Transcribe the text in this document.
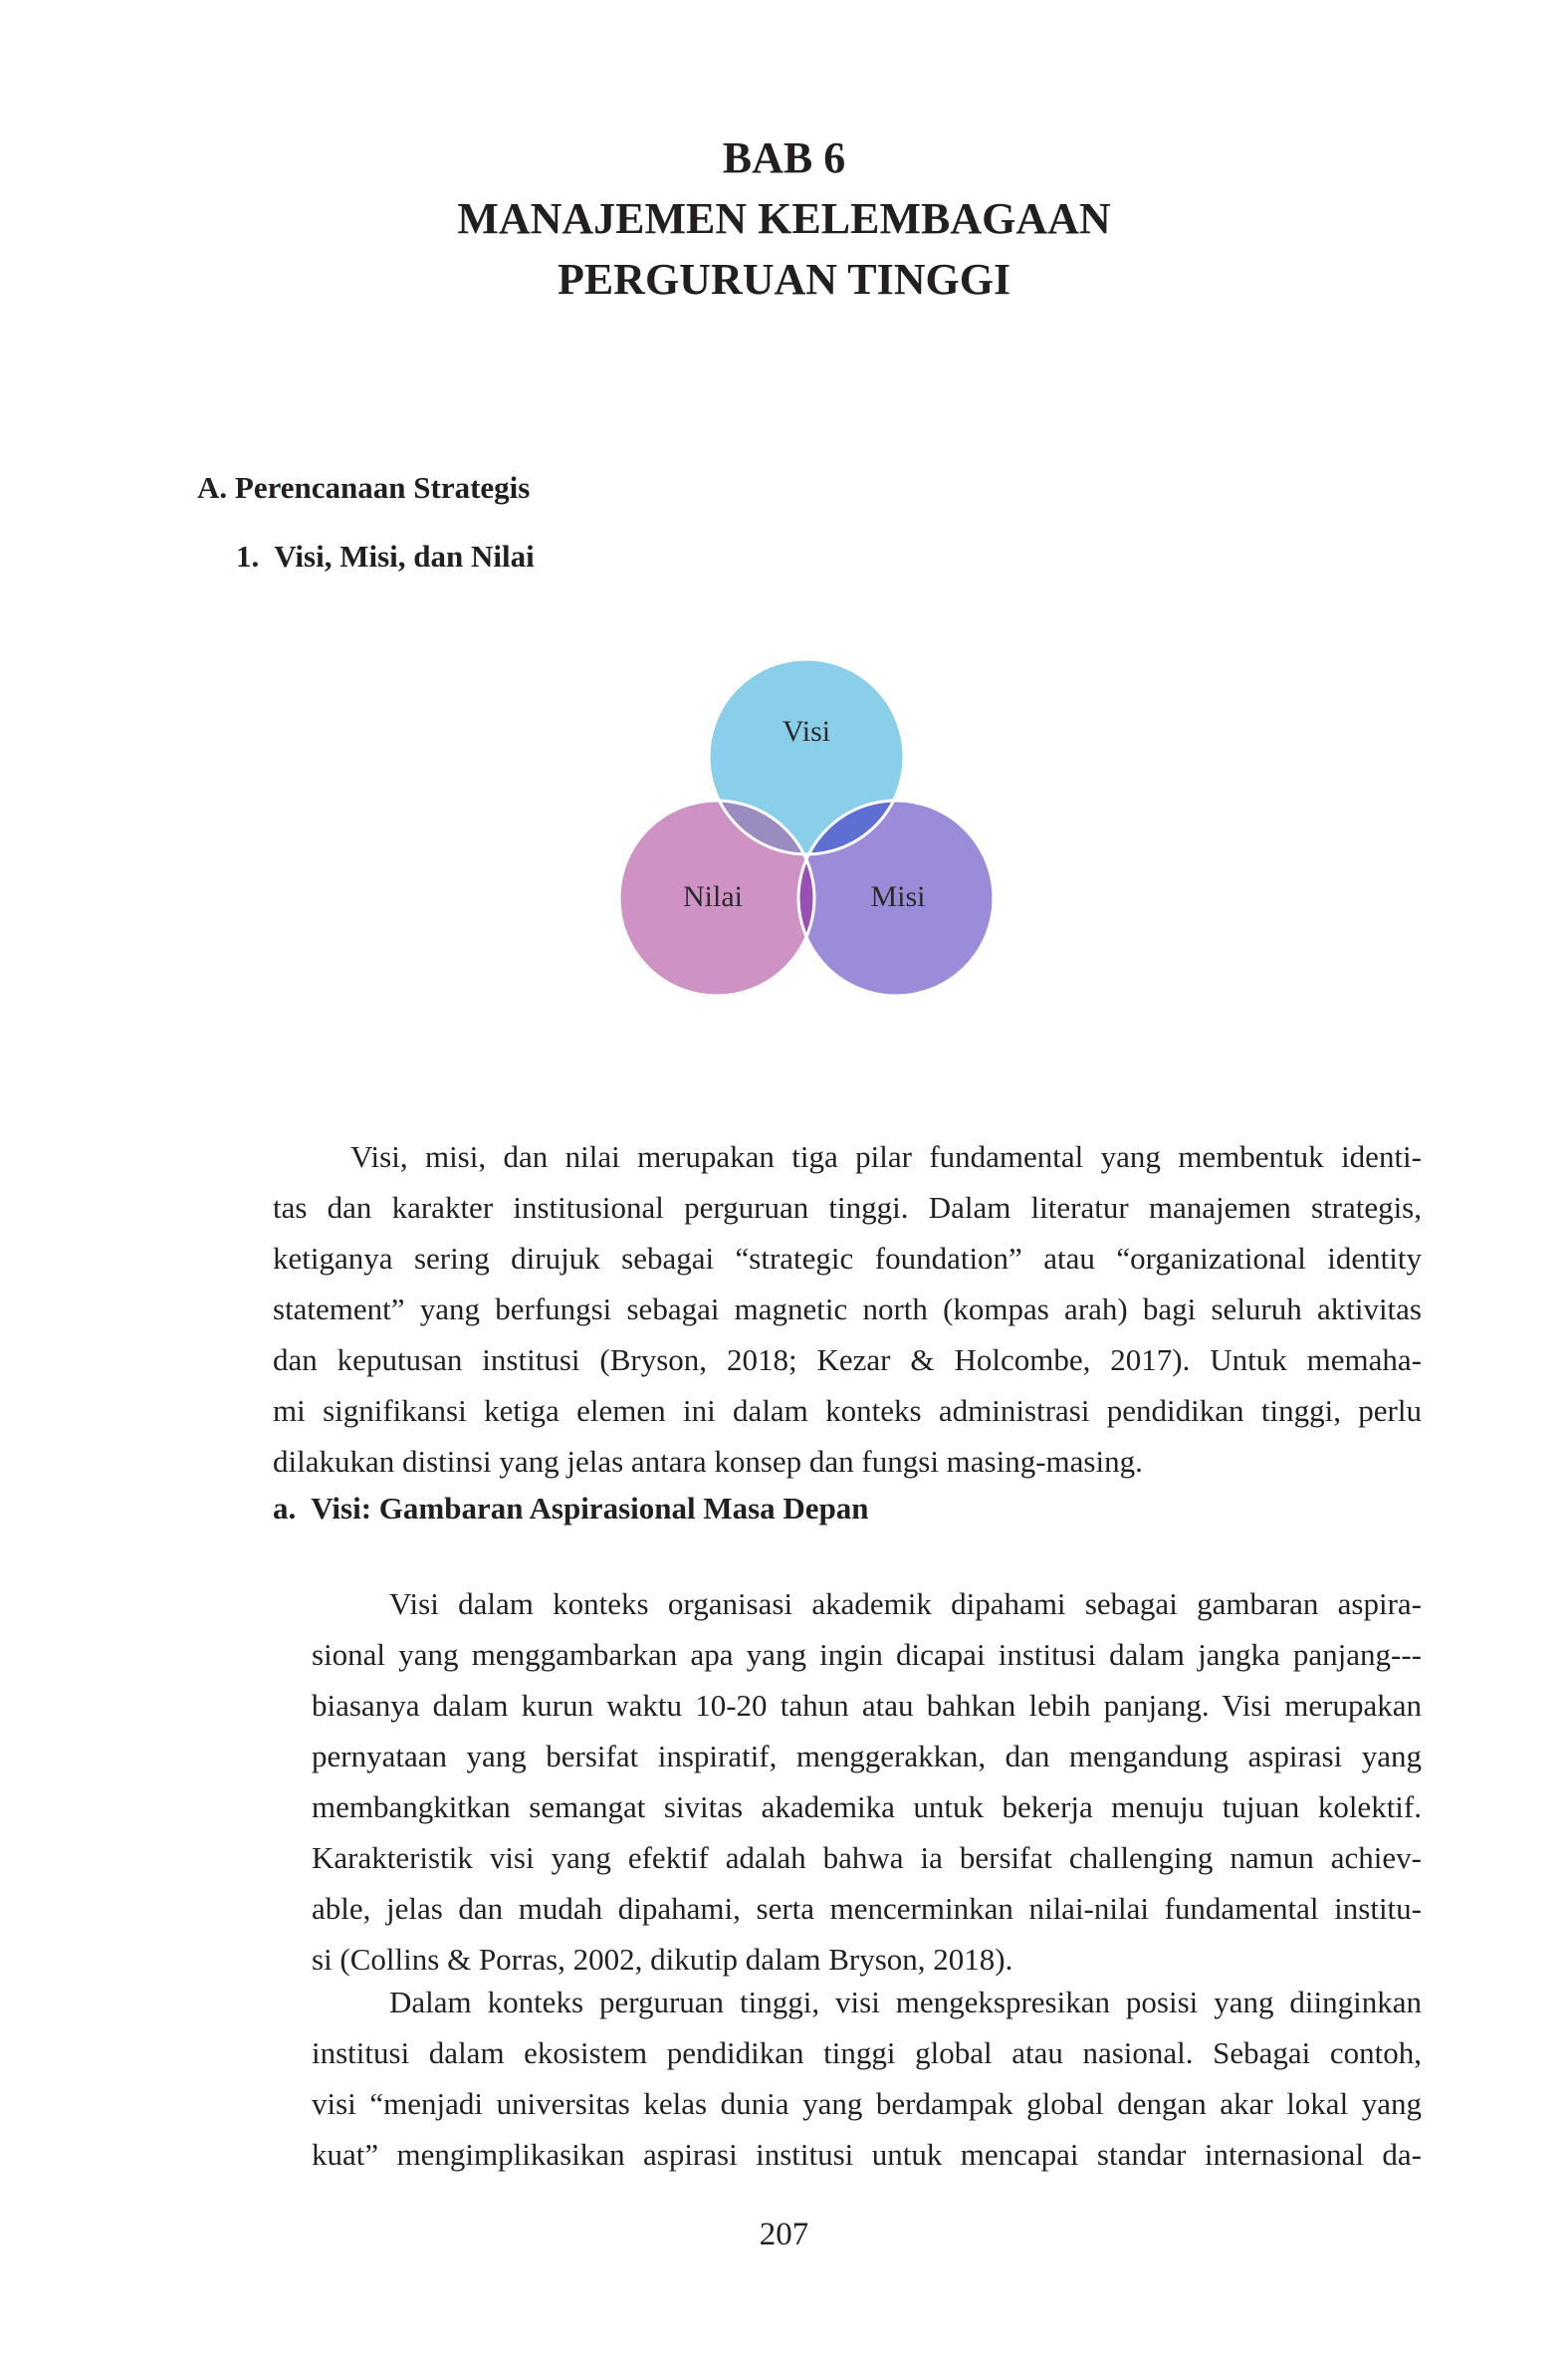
BAB 6
MANAJEMEN KELEMBAGAAN
PERGURUAN TINGGI
A. Perencanaan Strategis
1.  Visi, Misi, dan Nilai
Visi
Nilai	Misi
Visi, misi, dan nilai merupakan tiga pilar fundamental yang membentuk identi-
tas dan karakter institusional perguruan tinggi. Dalam literatur manajemen strategis,
ketiganya sering dirujuk sebagai “strategic foundation” atau “organizational identity
statement” yang berfungsi sebagai magnetic north (kompas arah) bagi seluruh aktivitas
dan keputusan institusi (Bryson, 2018; Kezar & Holcombe, 2017). Untuk memaha-
mi signifikansi ketiga elemen ini dalam konteks administrasi pendidikan tinggi, perlu
dilakukan distinsi yang jelas antara konsep dan fungsi masing-masing.
a.  Visi: Gambaran Aspirasional Masa Depan
Visi dalam konteks organisasi akademik dipahami sebagai gambaran aspira-
sional yang menggambarkan apa yang ingin dicapai institusi dalam jangka panjang---
biasanya dalam kurun waktu 10-20 tahun atau bahkan lebih panjang. Visi merupakan
pernyataan yang bersifat inspiratif, menggerakkan, dan mengandung aspirasi yang
membangkitkan semangat sivitas akademika untuk bekerja menuju tujuan kolektif.
Karakteristik visi yang efektif adalah bahwa ia bersifat challenging namun achiev-
able, jelas dan mudah dipahami, serta mencerminkan nilai-nilai fundamental institu-
si (Collins & Porras, 2002, dikutip dalam Bryson, 2018).
Dalam konteks perguruan tinggi, visi mengekspresikan posisi yang diinginkan
institusi dalam ekosistem pendidikan tinggi global atau nasional. Sebagai contoh,
visi “menjadi universitas kelas dunia yang berdampak global dengan akar lokal yang
kuat” mengimplikasikan aspirasi institusi untuk mencapai standar internasional da-
207
